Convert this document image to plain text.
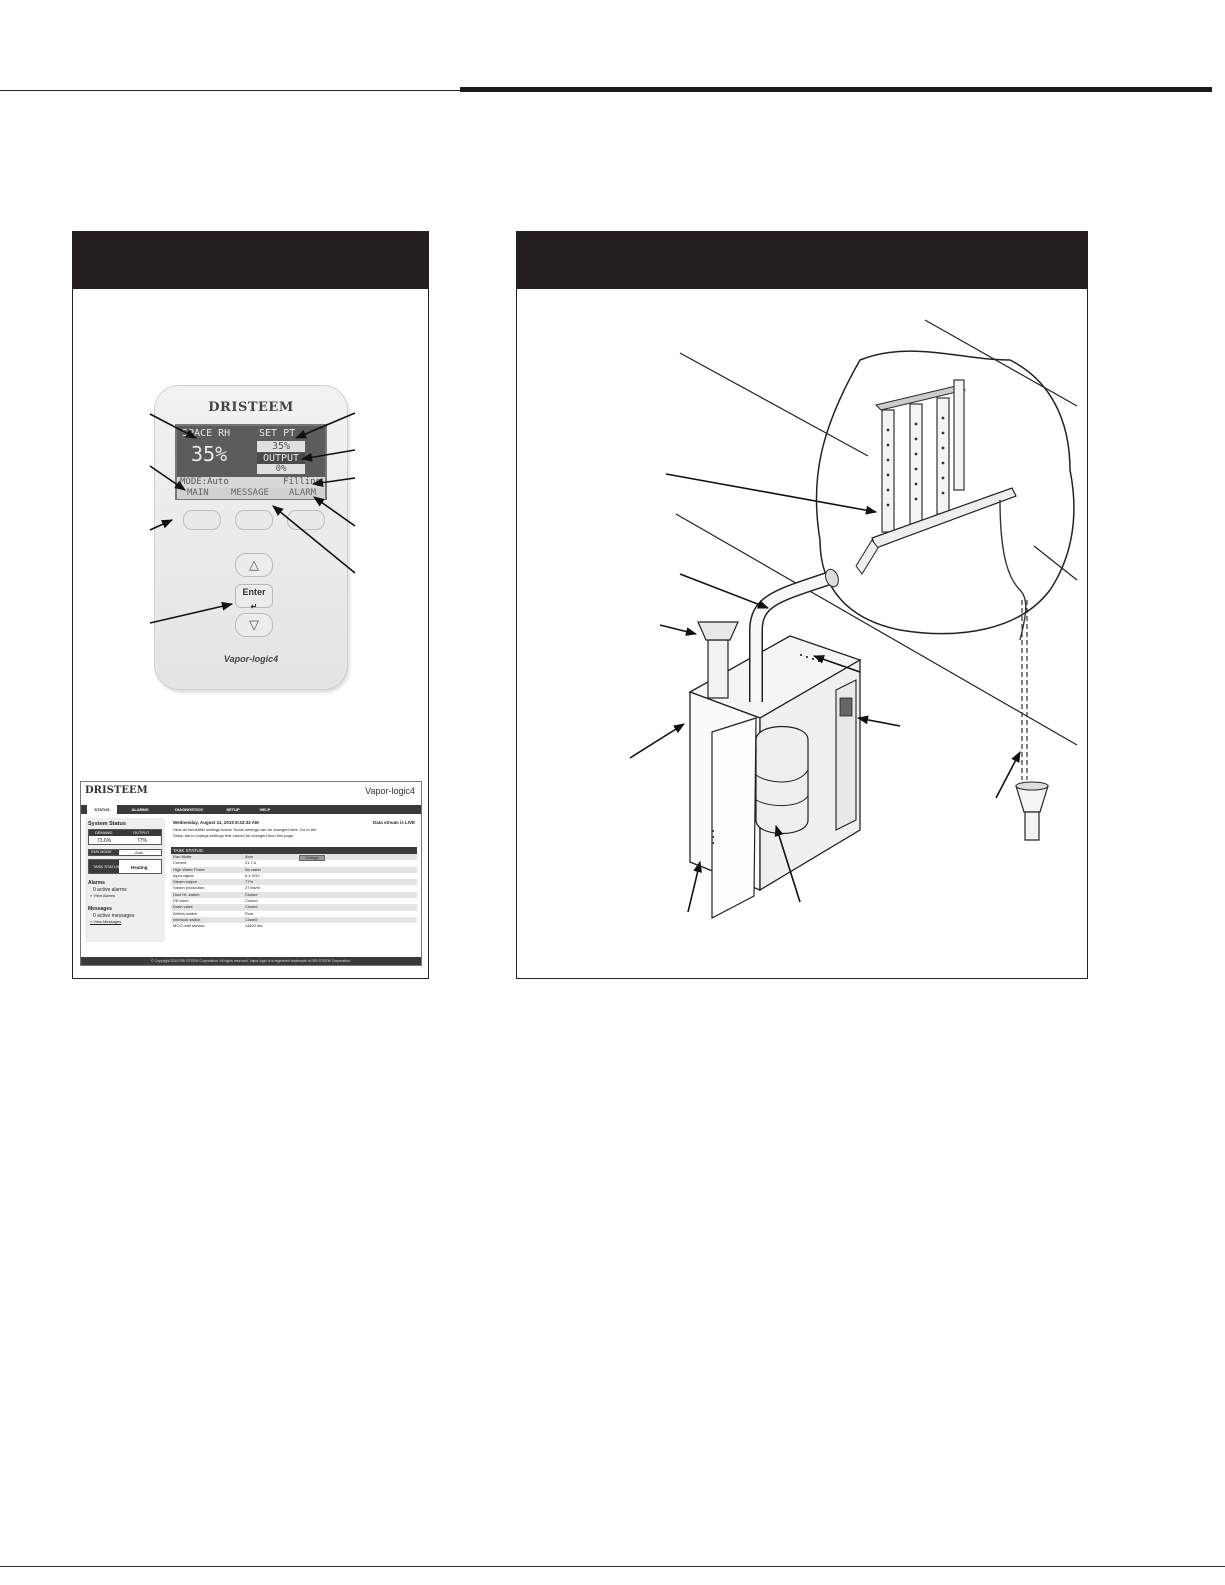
DRISTEEM
SPACE RH	SET PT
35%	35%
OUTPUT
0%
MODE:Auto	Filling
MAIN MESSAGE ALARM
△
Enter
↵
▽
Vapor-logic4
DRISTEEM	Vapor-logic4
STATUS	ALARMS	DIAGNOSTICS	SETUP	HELP
System Status
DEMAND	OUTPUT
73.6%	77%
RUN MODE	Auto
TASK STATUS	Heating
Alarms
0 active alarms
» View Alarms
Messages
0 active messages
» View Messages
Wednesday, August 11, 2010 8:33:32 AM	Data stream is LIVE
View all humidifier settings below. Some settings can be changed here. Go to the
Setup tab to change settings that cannot be changed from this page.
TASK STATUS:
Run Mode	Auto
Current	21.7 A
High Water Probe	No water
Input signal	6.4 VDC
Steam output	77%
Steam production	27 lbs/hr
Duct HL switch	Closed
Fill valve	Closed
Drain valve	Closed
Airflow switch	Flow
Interlock switch	Closed
MCO until service	14622 lbs
Change
© Copyright 2010 DRI-STEEM Corporation. All rights reserved. Vapor-logic is a registered trademark of DRI-STEEM Corporation.
